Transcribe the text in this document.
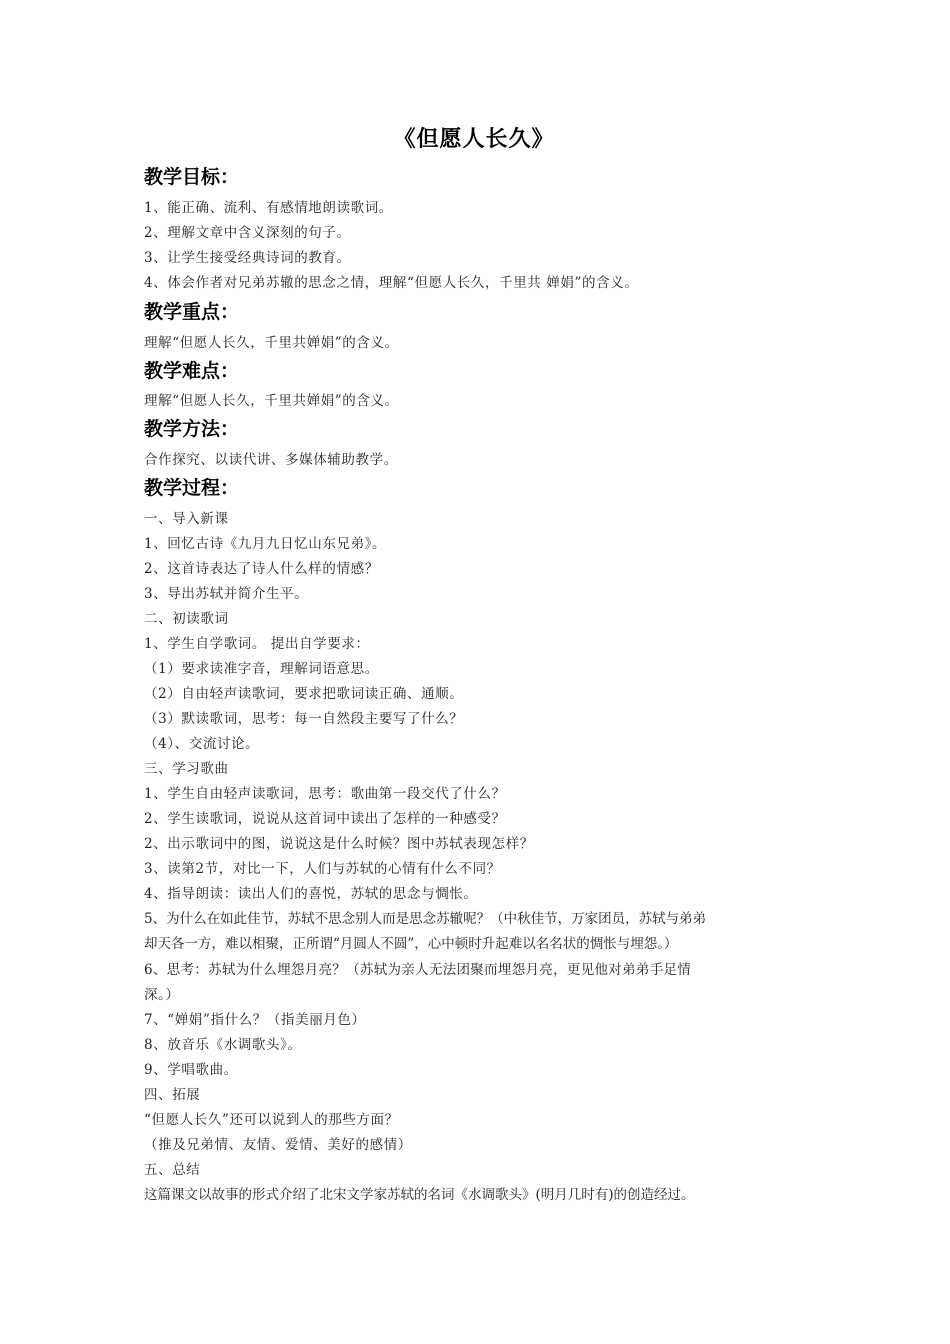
《但愿人长久》
教学目标：
1、能正确、流利、有感情地朗读歌词。
2、理解文章中含义深刻的句子。
3、让学生接受经典诗词的教育。
4、体会作者对兄弟苏辙的思念之情，理解“但愿人长久，千里共 婵娟”的含义。
教学重点：
理解“但愿人长久，千里共婵娟”的含义。
教学难点：
理解“但愿人长久，千里共婵娟”的含义。
教学方法：
合作探究、以读代讲、多媒体辅助教学。
教学过程：
一、导入新课
1、回忆古诗《九月九日忆山东兄弟》。
2、这首诗表达了诗人什么样的情感？
3、导出苏轼并简介生平。
二、初读歌词
1、学生自学歌词。 提出自学要求：
（1）要求读准字音，理解词语意思。
（2）自由轻声读歌词，要求把歌词读正确、通顺。
（3）默读歌词，思考：每一自然段主要写了什么？
（4）、交流讨论。
三、学习歌曲
1、学生自由轻声读歌词，思考：歌曲第一段交代了什么？
2、学生读歌词，说说从这首词中读出了怎样的一种感受？
2、出示歌词中的图，说说这是什么时候？图中苏轼表现怎样？
3、读第2节，对比一下，人们与苏轼的心情有什么不同？
4、指导朗读：读出人们的喜悦，苏轼的思念与惆怅。
5、为什么在如此佳节，苏轼不思念别人而是思念苏辙呢？（中秋佳节，万家团员，苏轼与弟弟
却天各一方，难以相聚，正所谓“月圆人不圆”，心中顿时升起难以名名状的惆怅与埋怨。）
6、思考：苏轼为什么埋怨月亮？（苏轼为亲人无法团聚而埋怨月亮，更见他对弟弟手足情
深。）
7、“婵娟”指什么？（指美丽月色）
8、放音乐《水调歌头》。
9、学唱歌曲。
四、拓展
“但愿人长久”还可以说到人的那些方面？
（推及兄弟情、友情、爱情、美好的感情）
五、总结
这篇课文以故事的形式介绍了北宋文学家苏轼的名词《水调歌头》(明月几时有)的创造经过。
